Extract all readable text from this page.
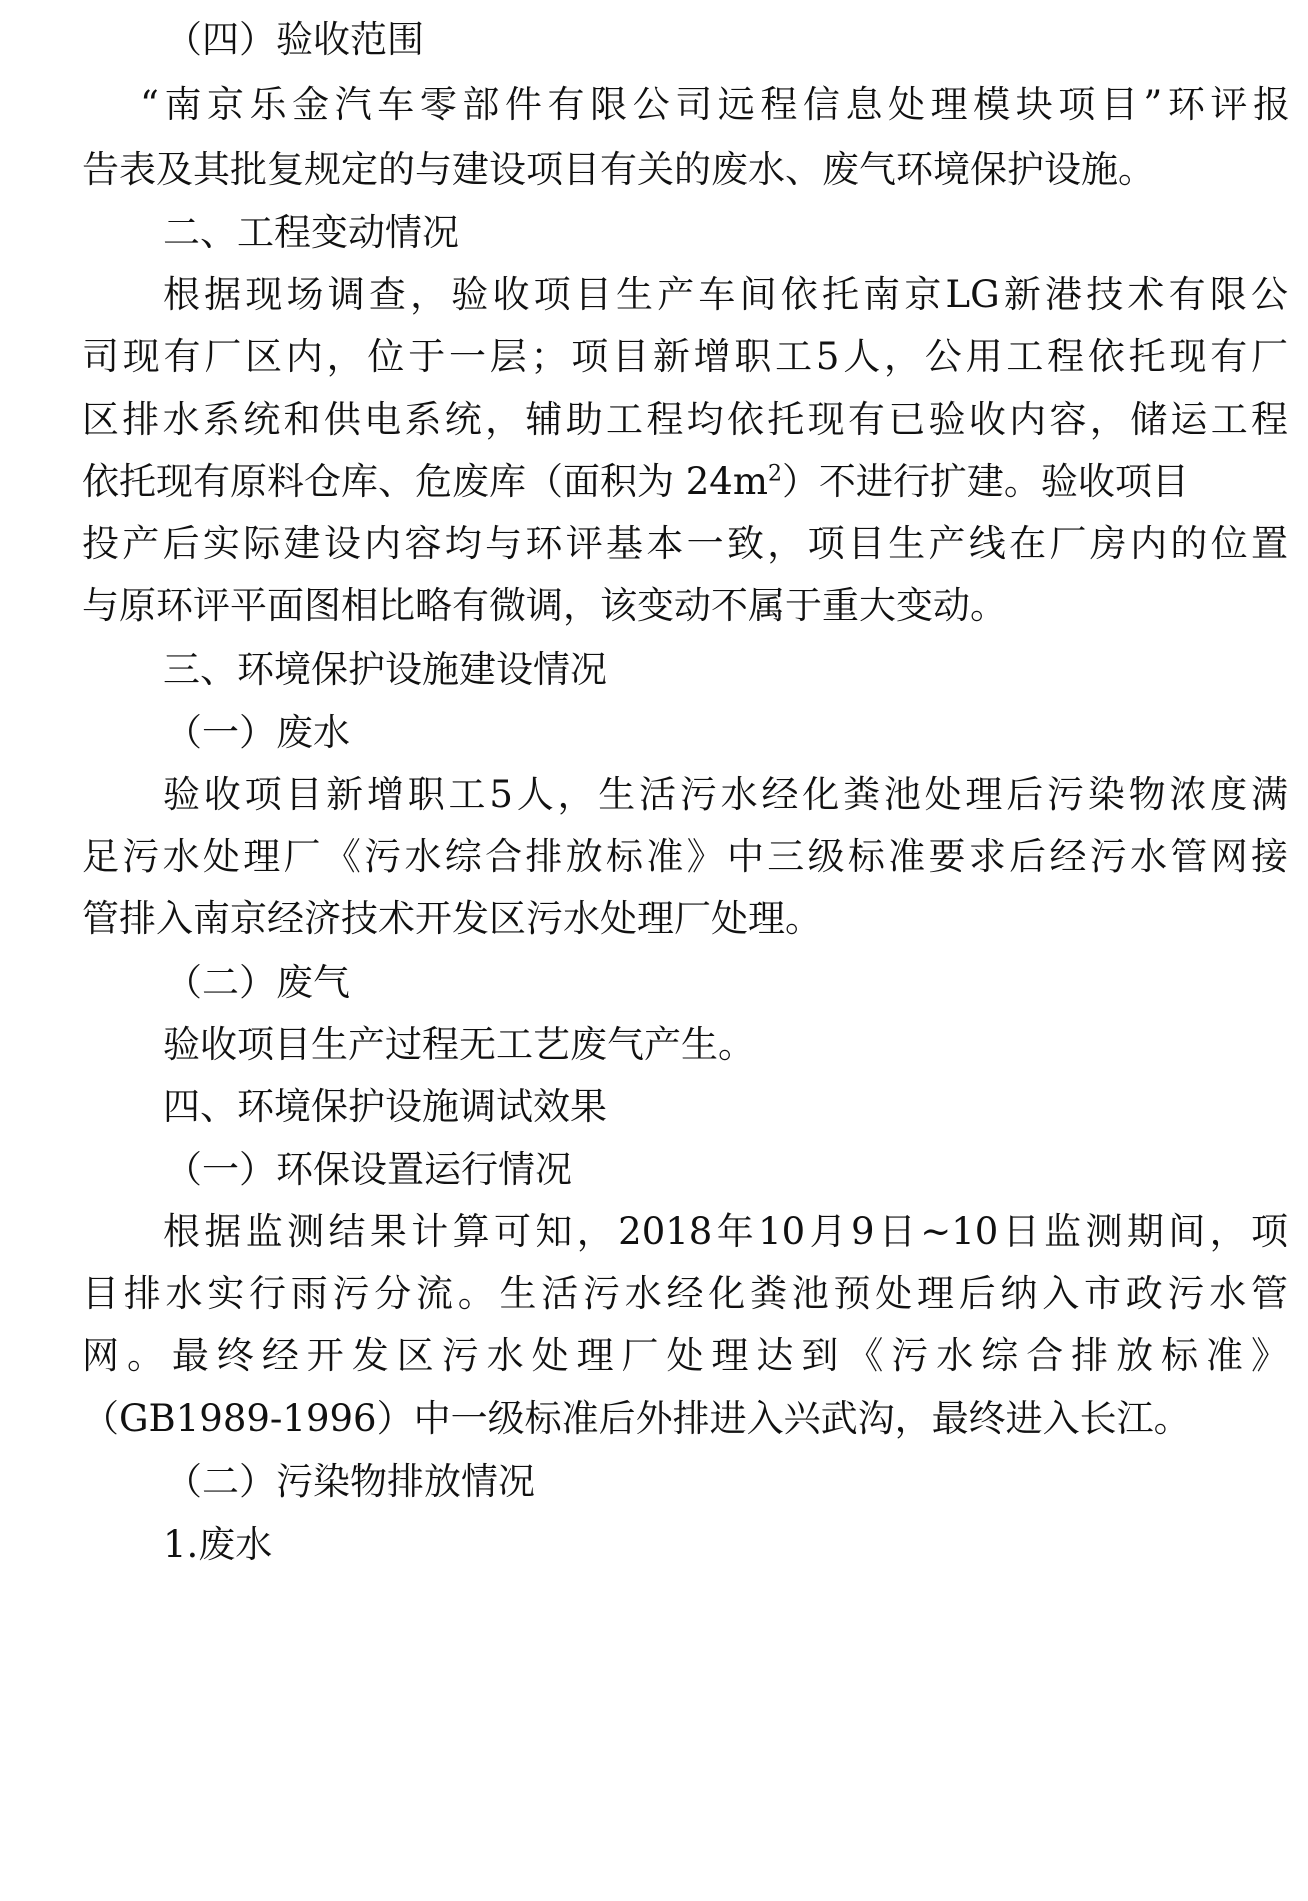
（四）验收范围

“南京乐金汽车零部件有限公司远程信息处理模块项目”环评报

告表及其批复规定的与建设项目有关的废水、废气环境保护设施。

二、工程变动情况

根据现场调查，验收项目生产车间依托南京LG新港技术有限公

司现有厂区内，位于一层；项目新增职工5人，公用工程依托现有厂

区排水系统和供电系统，辅助工程均依托现有已验收内容，储运工程

依托现有原料仓库、危废库（面积为 $24m^2$）不进行扩建。验收项目

投产后实际建设内容均与环评基本一致，项目生产线在厂房内的位置

与原环评平面图相比略有微调，该变动不属于重大变动。

三、环境保护设施建设情况

（一）废水

验收项目新增职工5人，生活污水经化粪池处理后污染物浓度满

足污水处理厂《污水综合排放标准》中三级标准要求后经污水管网接

管排入南京经济技术开发区污水处理厂处理。

（二）废气

验收项目生产过程无工艺废气产生。

四、环境保护设施调试效果

（一）环保设置运行情况

根据监测结果计算可知，2018年10月9日~10日监测期间，项

目排水实行雨污分流。生活污水经化粪池预处理后纳入市政污水管

网。最终经开发区污水处理厂处理达到《污水综合排放标准》

（GB1989-1996）中一级标准后外排进入兴武沟，最终进入长江。

（二）污染物排放情况

1.废水
